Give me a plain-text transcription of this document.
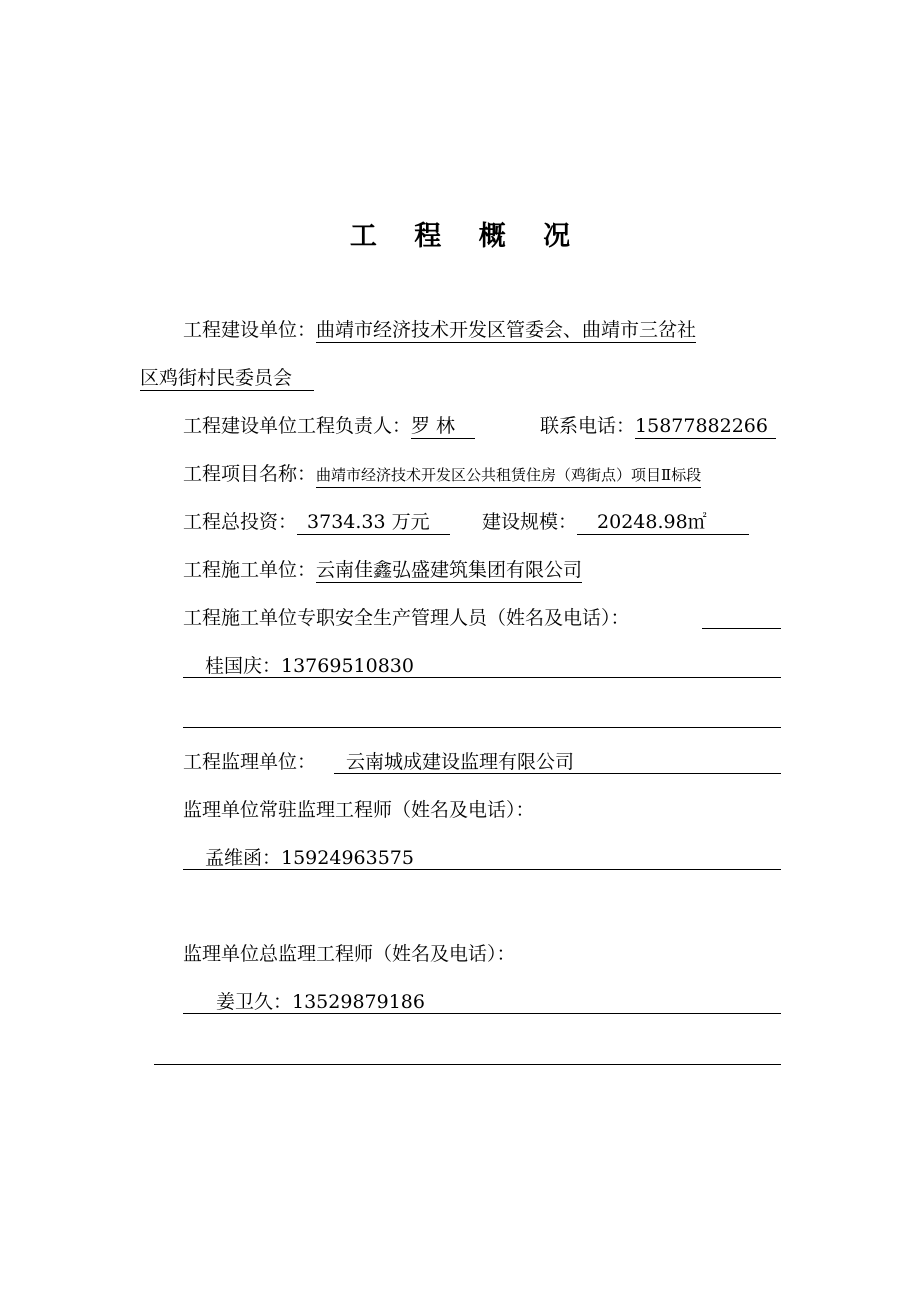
工 程 概 况
工程建设单位：曲靖市经济技术开发区管委会、曲靖市三岔社
区鸡街村民委员会
工程建设单位工程负责人：罗 林	联系电话：15877882266
工程项目名称：曲靖市经济技术开发区公共租赁住房（鸡街点）项目Ⅱ标段
工程总投资： 3734.33 万元	建设规模： 20248.98㎡
工程施工单位：云南佳鑫弘盛建筑集团有限公司
工程施工单位专职安全生产管理人员（姓名及电话）：
桂国庆：13769510830
工程监理单位： 云南城成建设监理有限公司
监理单位常驻监理工程师（姓名及电话）：
孟维函：15924963575
监理单位总监理工程师（姓名及电话）：
姜卫久：13529879186
